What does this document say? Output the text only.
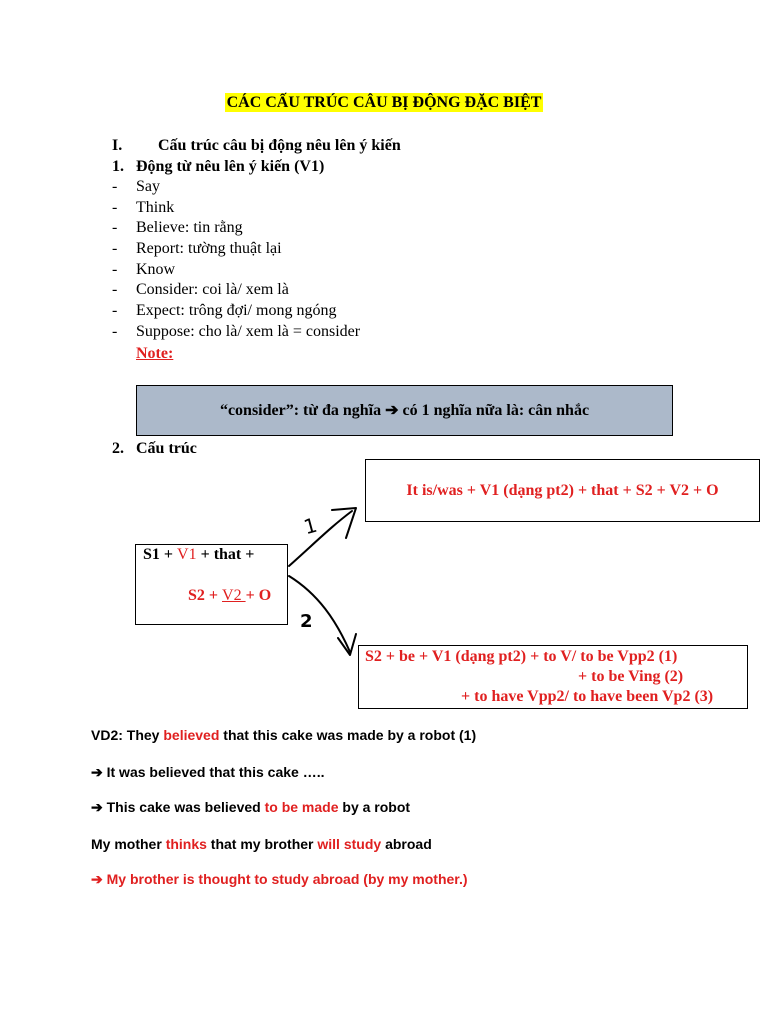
CÁC CẤU TRÚC CÂU BỊ ĐỘNG ĐẶC BIỆT
I. Cấu trúc câu bị động nêu lên ý kiến
1. Động từ nêu lên ý kiến (V1)
- Say
- Think
- Believe: tin rằng
- Report: tường thuật lại
- Know
- Consider: coi là/ xem là
- Expect: trông đợi/ mong ngóng
- Suppose: cho là/ xem là = consider
Note:
“consider”: từ đa nghĩa ➔ có 1 nghĩa nữa là: cân nhắc
2. Cấu trúc
It is/was + V1 (dạng pt2) + that + S2 + V2 + O
S1 + V1 + that +
S2 + V2 + O
1
2
S2 + be + V1 (dạng pt2) + to V/ to be Vpp2 (1)
+ to be Ving (2)
+ to have Vpp2/ to have been Vp2 (3)
VD2: They believed that this cake was made by a robot (1)
➔ It was believed that this cake …..
➔ This cake was believed to be made by a robot
My mother thinks that my brother will study abroad
➔ My brother is thought to study abroad (by my mother.)
